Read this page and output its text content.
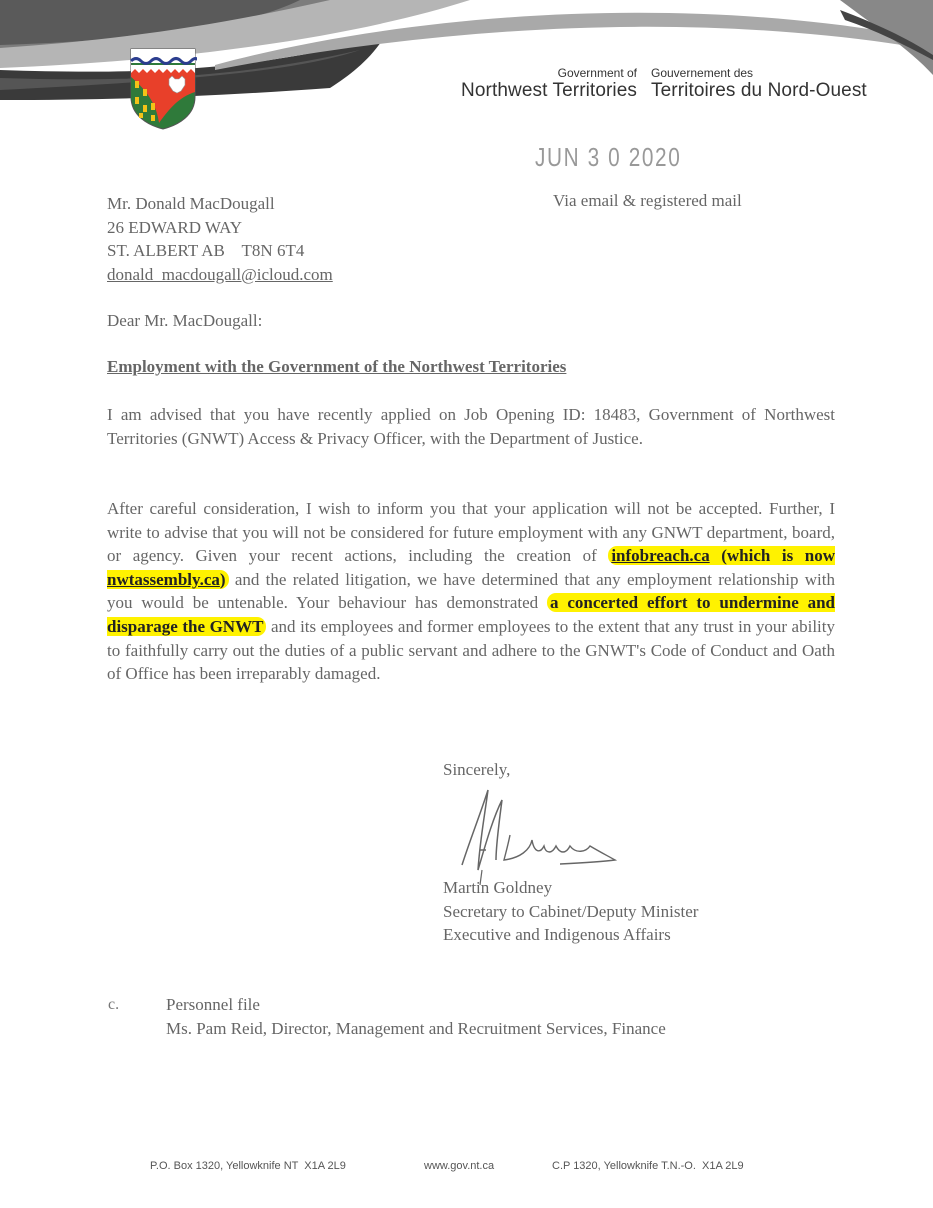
Government of
Northwest Territories
Gouvernement des
Territoires du Nord-Ouest
JUN 3 0 2020
Via email & registered mail
Mr. Donald MacDougall
26 EDWARD WAY
ST. ALBERT AB    T8N 6T4
donald_macdougall@icloud.com
Dear Mr. MacDougall:
Employment with the Government of the Northwest Territories
I am advised that you have recently applied on Job Opening ID: 18483, Government of Northwest Territories (GNWT) Access & Privacy Officer, with the Department of Justice.
After careful consideration, I wish to inform you that your application will not be accepted. Further, I write to advise that you will not be considered for future employment with any GNWT department, board, or agency. Given your recent actions, including the creation of infobreach.ca (which is now nwtassembly.ca) and the related litigation, we have determined that any employment relationship with you would be untenable. Your behaviour has demonstrated a concerted effort to undermine and disparage the GNWT and its employees and former employees to the extent that any trust in your ability to faithfully carry out the duties of a public servant and adhere to the GNWT's Code of Conduct and Oath of Office has been irreparably damaged.
Sincerely,
Martin Goldney
Secretary to Cabinet/Deputy Minister
Executive and Indigenous Affairs
c.	Personnel file
Ms. Pam Reid, Director, Management and Recruitment Services, Finance
P.O. Box 1320, Yellowknife NT  X1A 2L9	www.gov.nt.ca	C.P 1320, Yellowknife T.N.-O.  X1A 2L9
